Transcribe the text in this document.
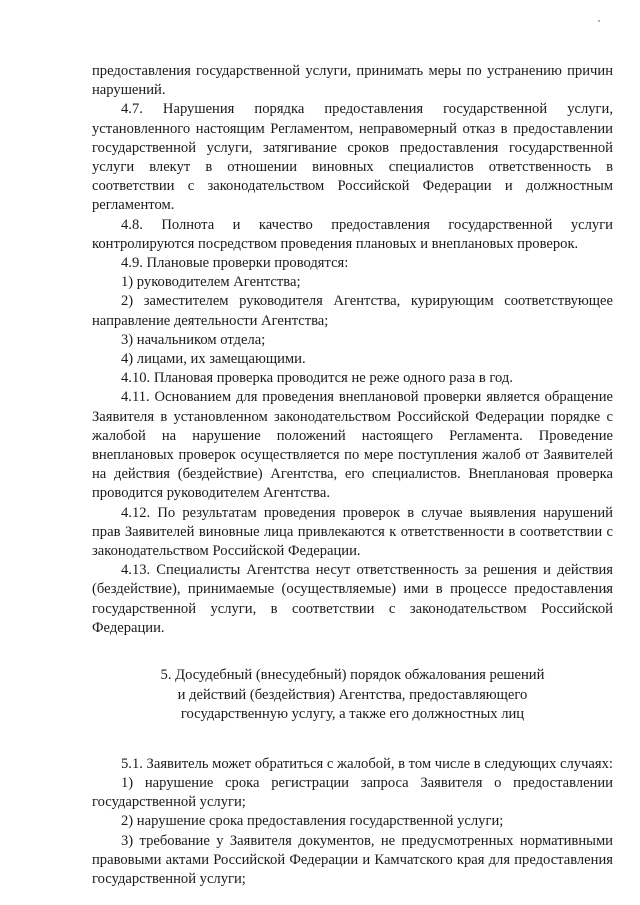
предоставления государственной услуги, принимать меры по устранению причин нарушений.

4.7. Нарушения порядка предоставления государственной услуги, установленного настоящим Регламентом, неправомерный отказ в предоставлении государственной услуги, затягивание сроков предоставления государственной услуги влекут в отношении виновных специалистов ответственность в соответствии с законодательством Российской Федерации и должностным регламентом.

4.8. Полнота и качество предоставления государственной услуги контролируются посредством проведения плановых и внеплановых проверок.

4.9. Плановые проверки проводятся:

1) руководителем Агентства;

2) заместителем руководителя Агентства, курирующим соответствующее направление деятельности Агентства;

3) начальником отдела;

4) лицами, их замещающими.

4.10. Плановая проверка проводится не реже одного раза в год.

4.11. Основанием для проведения внеплановой проверки является обращение Заявителя в установленном законодательством Российской Федерации порядке с жалобой на нарушение положений настоящего Регламента. Проведение внеплановых проверок осуществляется по мере поступления жалоб от Заявителей на действия (бездействие) Агентства, его специалистов. Внеплановая проверка проводится руководителем Агентства.

4.12. По результатам проведения проверок в случае выявления нарушений прав Заявителей виновные лица привлекаются к ответственности в соответствии с законодательством Российской Федерации.

4.13. Специалисты Агентства несут ответственность за решения и действия (бездействие), принимаемые (осуществляемые) ими в процессе предоставления государственной услуги, в соответствии с законодательством Российской Федерации.

5. Досудебный (внесудебный) порядок обжалования решений
и действий (бездействия) Агентства, предоставляющего
государственную услугу, а также его должностных лиц

5.1. Заявитель может обратиться с жалобой, в том числе в следующих случаях:

1) нарушение срока регистрации запроса Заявителя о предоставлении государственной услуги;

2) нарушение срока предоставления государственной услуги;

3) требование у Заявителя документов, не предусмотренных нормативными правовыми актами Российской Федерации и Камчатского края для предоставления государственной услуги;
